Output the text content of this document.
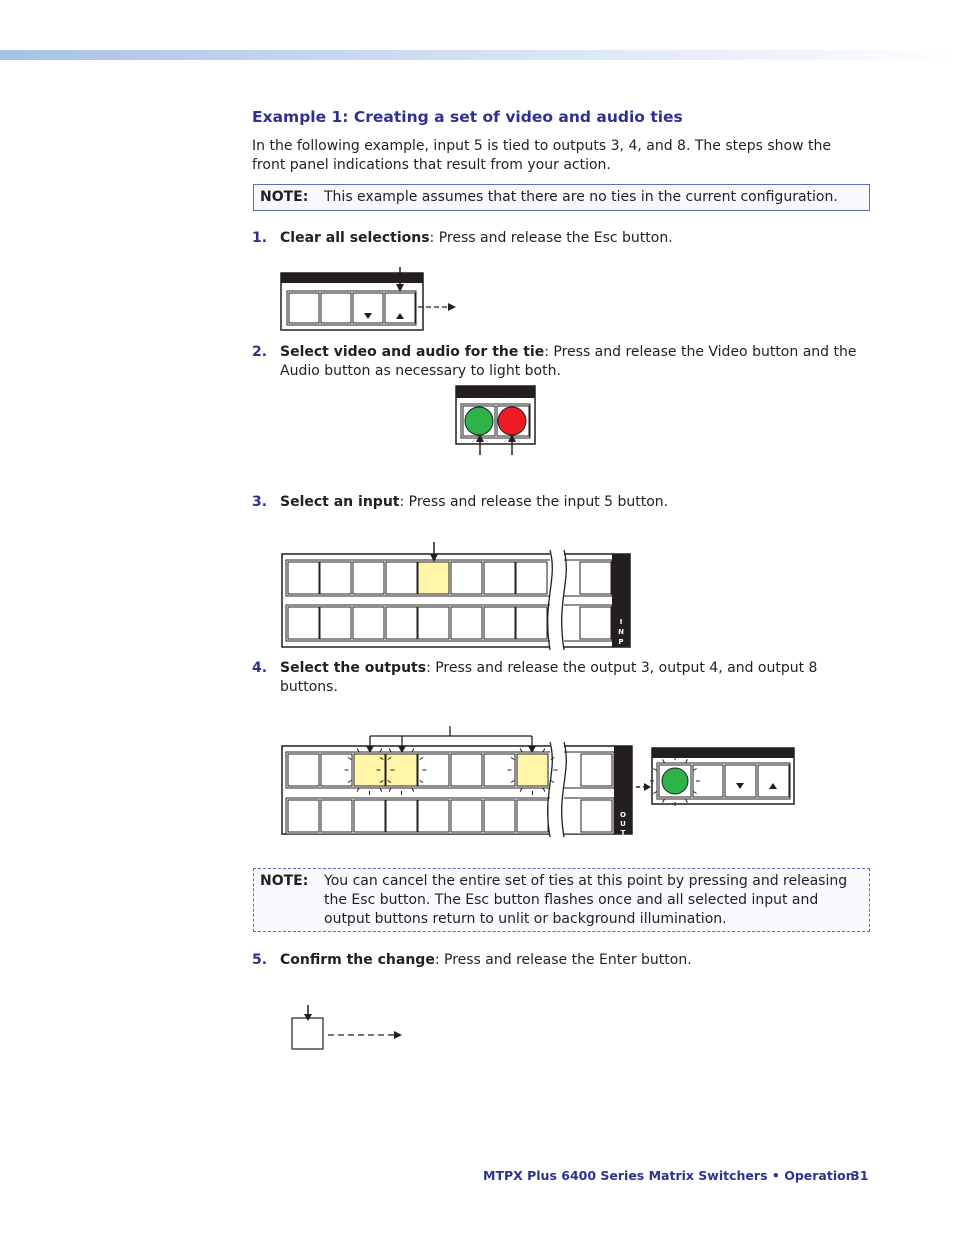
Example 1: Creating a set of video and audio ties
In the following example, input 5 is tied to outputs 3, 4, and 8. The steps show the front panel indications that result from your action.
NOTE: This example assumes that there are no ties in the current configuration.
1. Clear all selections: Press and release the Esc button.
2. Select video and audio for the tie: Press and release the Video button and the Audio button as necessary to light both.
3. Select an input: Press and release the input 5 button.
I
N
P
4. Select the outputs: Press and release the output 3, output 4, and output 8 buttons.
O
U
T
NOTE: You can cancel the entire set of ties at this point by pressing and releasing the Esc button. The Esc button flashes once and all selected input and output buttons return to unlit or background illumination.
5. Confirm the change: Press and release the Enter button.
MTPX Plus 6400 Series Matrix Switchers • Operation
31
